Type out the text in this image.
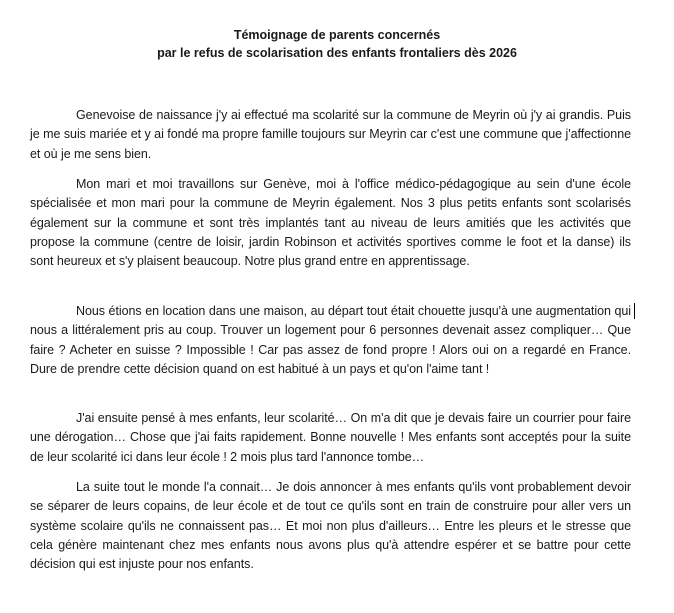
Témoignage de parents concernés
par le refus de scolarisation des enfants frontaliers dès 2026

Genevoise de naissance j'y ai effectué ma scolarité sur la commune de Meyrin où j'y ai grandis. Puis je me suis mariée et y ai fondé ma propre famille toujours sur Meyrin car c'est une commune que j'affectionne et où je me sens bien.

Mon mari et moi travaillons sur Genève, moi à l'office médico-pédagogique au sein d'une école spécialisée et mon mari pour la commune de Meyrin également. Nos 3 plus petits enfants sont scolarisés également sur la commune et sont très implantés tant au niveau de leurs amitiés que les activités que propose la commune (centre de loisir, jardin Robinson et activités sportives comme le foot et la danse) ils sont heureux et s'y plaisent beaucoup. Notre plus grand entre en apprentissage.

Nous étions en location dans une maison, au départ tout était chouette jusqu'à une augmentation qui nous a littéralement pris au coup. Trouver un logement pour 6 personnes devenait assez compliquer… Que faire ? Acheter en suisse ? Impossible ! Car pas assez de fond propre ! Alors oui on a regardé en France. Dure de prendre cette décision quand on est habitué à un pays et qu'on l'aime tant !

J'ai ensuite pensé à mes enfants, leur scolarité… On m'a dit que je devais faire un courrier pour faire une dérogation… Chose que j'ai faits rapidement. Bonne nouvelle ! Mes enfants sont acceptés pour la suite de leur scolarité ici dans leur école ! 2 mois plus tard l'annonce tombe…

La suite tout le monde l'a connait… Je dois annoncer à mes enfants qu'ils vont probablement devoir se séparer de leurs copains, de leur école et de tout ce qu'ils sont en train de construire pour aller vers un système scolaire qu'ils ne connaissent pas… Et moi non plus d'ailleurs… Entre les pleurs et le stresse que cela génère maintenant chez mes enfants nous avons plus qu'à attendre espérer et se battre pour cette décision qui est injuste pour nos enfants.
